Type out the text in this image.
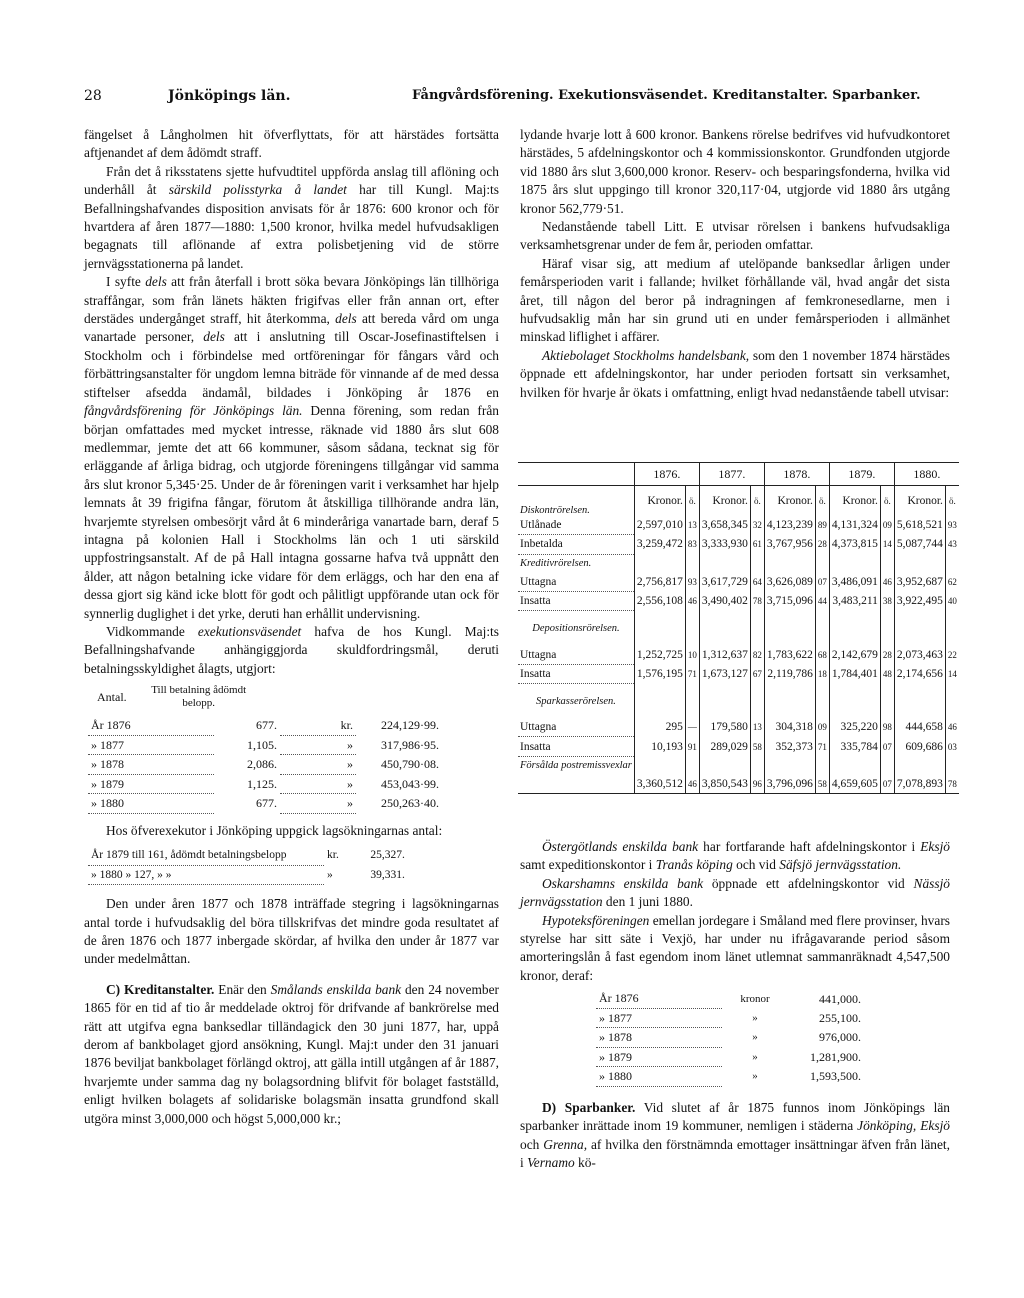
28	Jönköpings län.	Fångvårdsförening. Exekutionsväsendet. Kreditanstalter. Sparbanker.

fängelset å Långholmen hit öfverflyttats, för att härstädes fortsätta aftjenandet af dem ådömdt straff.

Från det å riksstatens sjette hufvudtitel uppförda anslag till aflöning och underhåll åt särskild polisstyrka å landet har till Kungl. Maj:ts Befallningshafvandes disposition anvisats för år 1876: 600 kronor och för hvartdera af åren 1877—1880: 1,500 kronor, hvilka medel hufvudsakligen begagnats till aflönande af extra polisbetjening vid de större jernvägsstationerna på landet.

I syfte dels att från återfall i brott söka bevara Jönköpings län tillhöriga straffångar, som från länets häkten frigifvas eller från annan ort, efter derstädes undergånget straff, hit återkomma, dels att bereda vård om unga vanartade personer, dels att i anslutning till Oscar-Josefinastiftelsen i Stockholm och i förbindelse med ortföreningar för fångars vård och förbättringsanstalter för ungdom lemna biträde för vinnande af de med dessa stiftelser afsedda ändamål, bildades i Jönköping år 1876 en fångvårdsförening för Jönköpings län. Denna förening, som redan från början omfattades med mycket intresse, räknade vid 1880 års slut 608 medlemmar, jemte det att 66 kommuner, såsom sådana, tecknat sig för erläggande af årliga bidrag, och utgjorde föreningens tillgångar vid samma års slut kronor 5,345·25. Under de år föreningen varit i verksamhet har hjelp lemnats åt 39 frigifna fångar, förutom åt åtskilliga tillhörande andra län, hvarjemte styrelsen ombesörjt vård åt 6 minderåriga vanartade barn, deraf 5 intagna på kolonien Hall i Stockholms län och 1 uti särskild uppfostringsanstalt. Af de på Hall intagna gossarne hafva två uppnått den ålder, att någon betalning icke vidare för dem erläggs, och har den ena af dessa gjort sig känd icke blott för godt och pålitligt uppförande utan ock för synnerlig duglighet i det yrke, deruti han erhållit undervisning.

Vidkommande exekutionsväsendet hafva de hos Kungl. Maj:ts Befallningshafvande anhängiggjorda skuldfordringsmål, deruti betalningsskyldighet ålagts, utgjort:

	Antal.	Till betalning ådömdt belopp.
År 1876	677.	kr.	224,129·99.
» 1877	1,105.	»	317,986·95.
» 1878	2,086.	»	450,790·08.
» 1879	1,125.	»	453,043·99.
» 1880	677.	»	250,263·40.

Hos öfverexekutor i Jönköping uppgick lagsökningarnas antal:

År 1879 till 161, ådömdt betalningsbelopp	kr.	25,327.
» 1880 » 127, » »	»	39,331.

Den under åren 1877 och 1878 inträffade stegring i lagsökningarnas antal torde i hufvudsaklig del böra tillskrifvas det mindre goda resultatet af de åren 1876 och 1877 inbergade skördar, af hvilka den under år 1877 var under medelmåttan.

C) Kreditanstalter. Enär den Smålands enskilda bank den 24 november 1865 för en tid af tio år meddelade oktroj för drifvande af bankrörelse med rätt att utgifva egna banksedlar tilländagick den 30 juni 1877, har, uppå derom af bankbolaget gjord ansökning, Kungl. Maj:t under den 31 januari 1876 beviljat bankbolaget förlängd oktroj, att gälla intill utgången af år 1887, hvarjemte under samma dag ny bolagsordning blifvit för bolaget fastställd, enligt hvilken bolagets af solidariske bolagsmän insatta grundfond skall utgöra minst 3,000,000 och högst 5,000,000 kr.;

lydande hvarje lott å 600 kronor. Bankens rörelse bedrifves vid hufvudkontoret härstädes, 5 afdelningskontor och 4 kommissionskontor. Grundfonden utgjorde vid 1880 års slut 3,600,000 kronor. Reserv- och besparingsfonderna, hvilka vid 1875 års slut uppgingo till kronor 320,117·04, utgjorde vid 1880 års utgång kronor 562,779·51.

Nedanstående tabell Litt. E utvisar rörelsen i bankens hufvudsakliga verksamhetsgrenar under de fem år, perioden omfattar.

Häraf visar sig, att medium af utelöpande banksedlar årligen under femårsperioden varit i fallande; hvilket förhållande väl, hvad angår det sista året, till någon del beror på indragningen af femkronesedlarne, men i hufvudsaklig mån har sin grund uti en under femårsperioden i allmänhet minskad liflighet i affärer.

Aktiebolaget Stockholms handelsbank, som den 1 november 1874 härstädes öppnade ett afdelningskontor, har under perioden fortsatt sin verksamhet, hvilken för hvarje år ökats i omfattning, enligt hvad nedanstående tabell utvisar:

	1876.		1877.		1878.		1879.		1880.	
Diskontrörelsen.	Kronor.	ö.	Kronor.	ö.	Kronor.	ö.	Kronor.	ö.	Kronor.	ö.
Utlånade	2,597,010	13	3,658,345	32	4,123,239	89	4,131,324	09	5,618,521	93
Inbetalda	3,259,472	83	3,333,930	61	3,767,956	28	4,373,815	14	5,087,744	43
Kreditivrörelsen.										
Uttagna	2,756,817	93	3,617,729	64	3,626,089	07	3,486,091	46	3,952,687	62
Insatta	2,556,108	46	3,490,402	78	3,715,096	44	3,483,211	38	3,922,495	40
Depositionsrörelsen.										
Uttagna	1,252,725	10	1,312,637	82	1,783,622	68	2,142,679	28	2,073,463	22
Insatta	1,576,195	71	1,673,127	67	2,119,786	18	1,784,401	48	2,174,656	14
Sparkasserörelsen.										
Uttagna	295	—	179,580	13	304,318	09	325,220	98	444,658	46
Insatta	10,193	91	289,029	58	352,373	71	335,784	07	609,686	03
Försålda postremissvexlar										
	3,360,512	46	3,850,543	96	3,796,096	58	4,659,605	07	7,078,893	78

Östergötlands enskilda bank har fortfarande haft afdelningskontor i Eksjö samt expeditionskontor i Tranås köping och vid Säfsjö jernvägsstation.

Oskarshamns enskilda bank öppnade ett afdelningskontor vid Nässjö jernvägsstation den 1 juni 1880.

Hypoteksföreningen emellan jordegare i Småland med flere provinser, hvars styrelse har sitt säte i Vexjö, har under nu ifrågavarande period såsom amorteringslån å fast egendom inom länet utlemnat sammanräknadt 4,547,500 kronor, deraf:

År 1876	kronor	441,000.
» 1877	»	255,100.
» 1878	»	976,000.
» 1879	»	1,281,900.
» 1880	»	1,593,500.

D) Sparbanker. Vid slutet af år 1875 funnos inom Jönköpings län sparbanker inrättade inom 19 kommuner, nemligen i städerna Jönköping, Eksjö och Grenna, af hvilka den förstnämnda emottager insättningar äfven från länet, i Vernamo kö-
